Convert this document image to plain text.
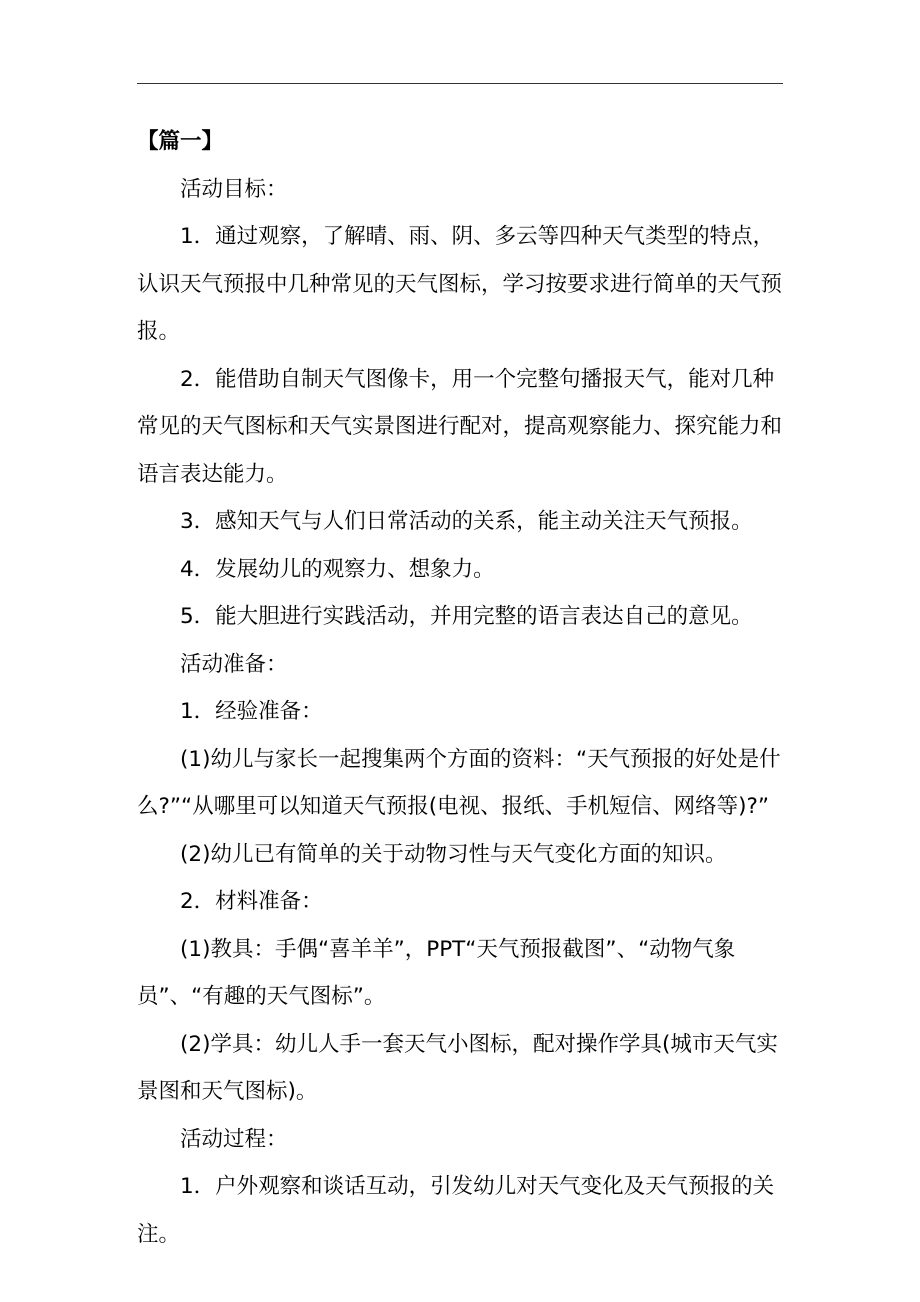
【篇一】

活动目标：

1．通过观察，了解晴、雨、阴、多云等四种天气类型的特点，认识天气预报中几种常见的天气图标，学习按要求进行简单的天气预报。

2．能借助自制天气图像卡，用一个完整句播报天气，能对几种常见的天气图标和天气实景图进行配对，提高观察能力、探究能力和语言表达能力。

3．感知天气与人们日常活动的关系，能主动关注天气预报。

4．发展幼儿的观察力、想象力。

5．能大胆进行实践活动，并用完整的语言表达自己的意见。

活动准备：

1．经验准备：

(1)幼儿与家长一起搜集两个方面的资料：“天气预报的好处是什么?”“从哪里可以知道天气预报(电视、报纸、手机短信、网络等)?”

(2)幼儿已有简单的关于动物习性与天气变化方面的知识。

2．材料准备：

(1)教具：手偶“喜羊羊”，PPT“天气预报截图”、“动物气象员”、“有趣的天气图标”。

(2)学具：幼儿人手一套天气小图标，配对操作学具(城市天气实景图和天气图标)。

活动过程：

1．户外观察和谈话互动，引发幼儿对天气变化及天气预报的关注。
